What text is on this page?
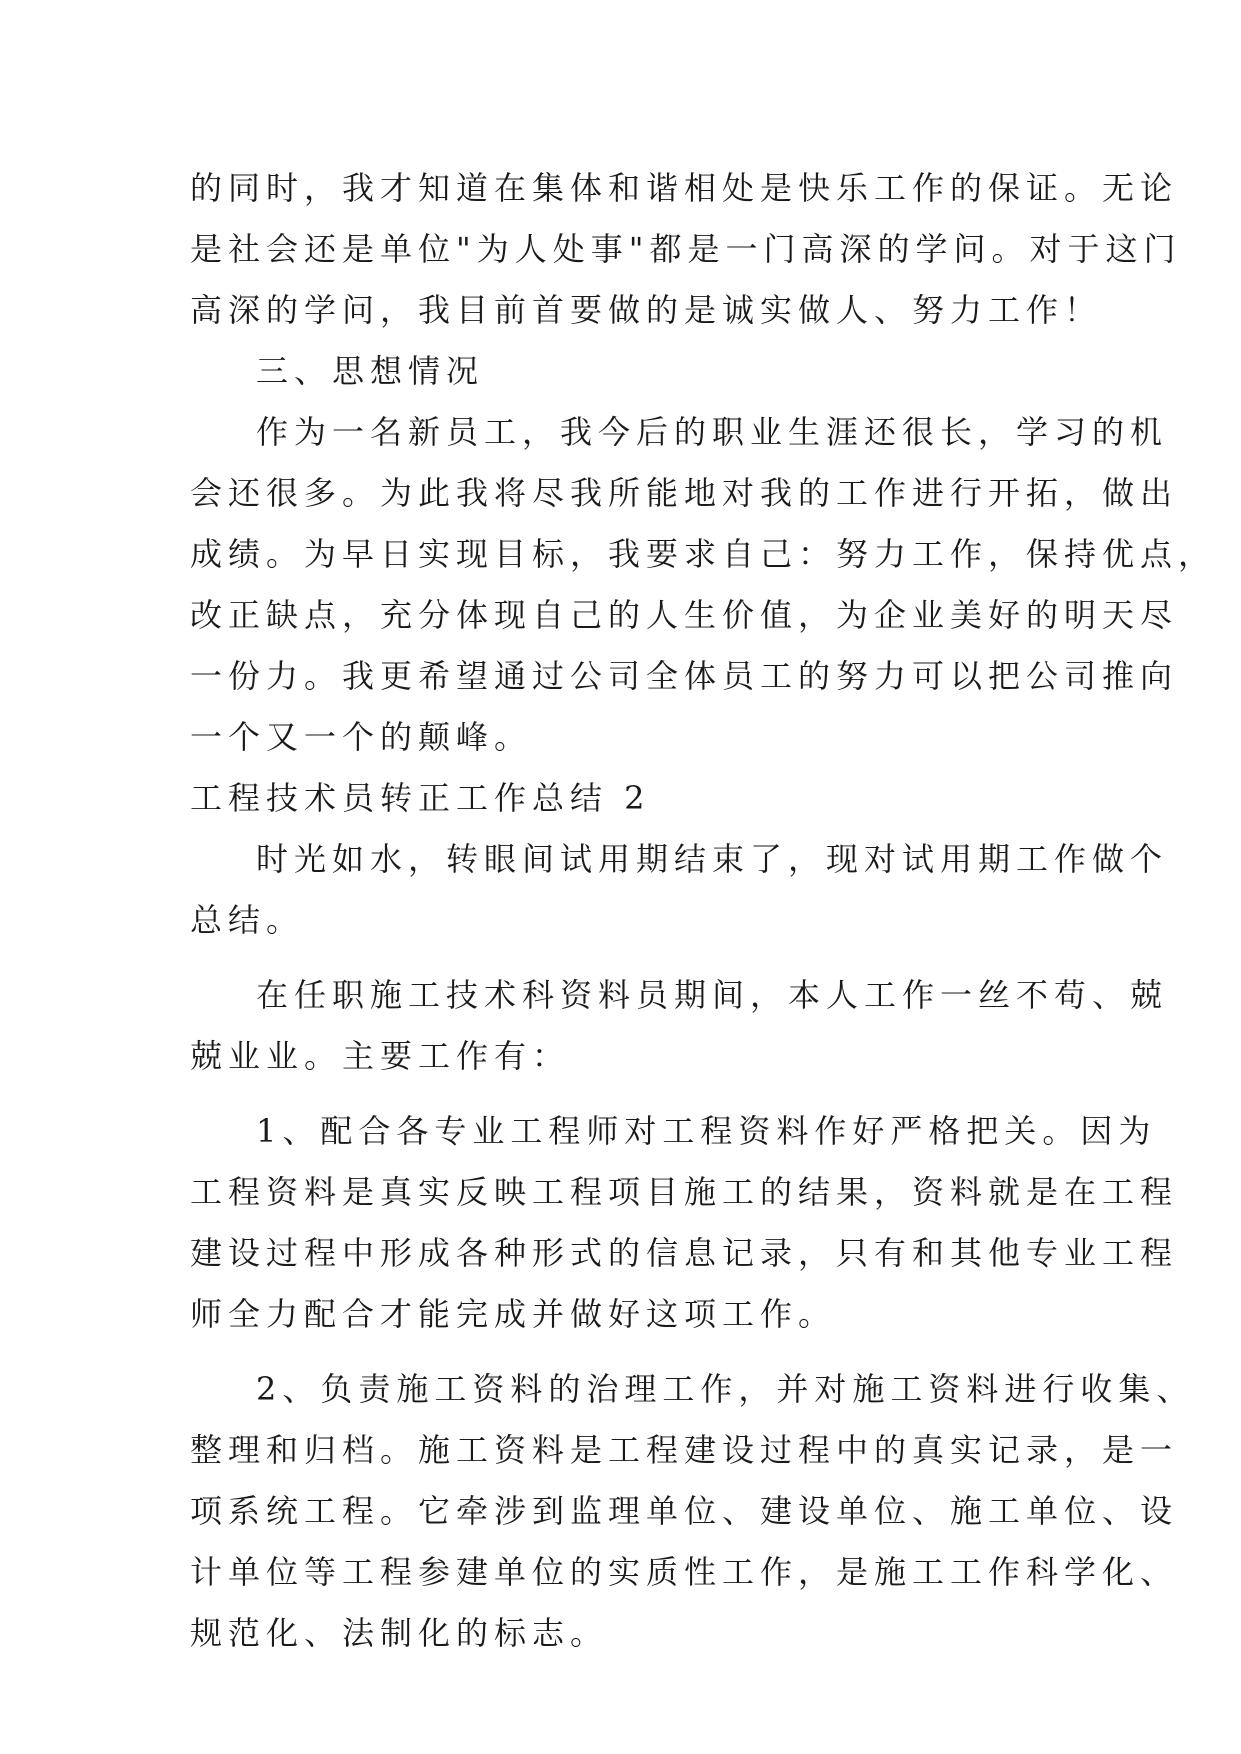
的同时，我才知道在集体和谐相处是快乐工作的保证。无论
是社会还是单位"为人处事"都是一门高深的学问。对于这门
高深的学问，我目前首要做的是诚实做人、努力工作！
三、思想情况
作为一名新员工，我今后的职业生涯还很长，学习的机
会还很多。为此我将尽我所能地对我的工作进行开拓，做出
成绩。为早日实现目标，我要求自己：努力工作，保持优点，
改正缺点，充分体现自己的人生价值，为企业美好的明天尽
一份力。我更希望通过公司全体员工的努力可以把公司推向
一个又一个的颠峰。
工程技术员转正工作总结 2
时光如水，转眼间试用期结束了，现对试用期工作做个
总结。
在任职施工技术科资料员期间，本人工作一丝不苟、兢
兢业业。主要工作有：
1、配合各专业工程师对工程资料作好严格把关。因为
工程资料是真实反映工程项目施工的结果，资料就是在工程
建设过程中形成各种形式的信息记录，只有和其他专业工程
师全力配合才能完成并做好这项工作。
2、负责施工资料的治理工作，并对施工资料进行收集、
整理和归档。施工资料是工程建设过程中的真实记录，是一
项系统工程。它牵涉到监理单位、建设单位、施工单位、设
计单位等工程参建单位的实质性工作，是施工工作科学化、
规范化、法制化的标志。
